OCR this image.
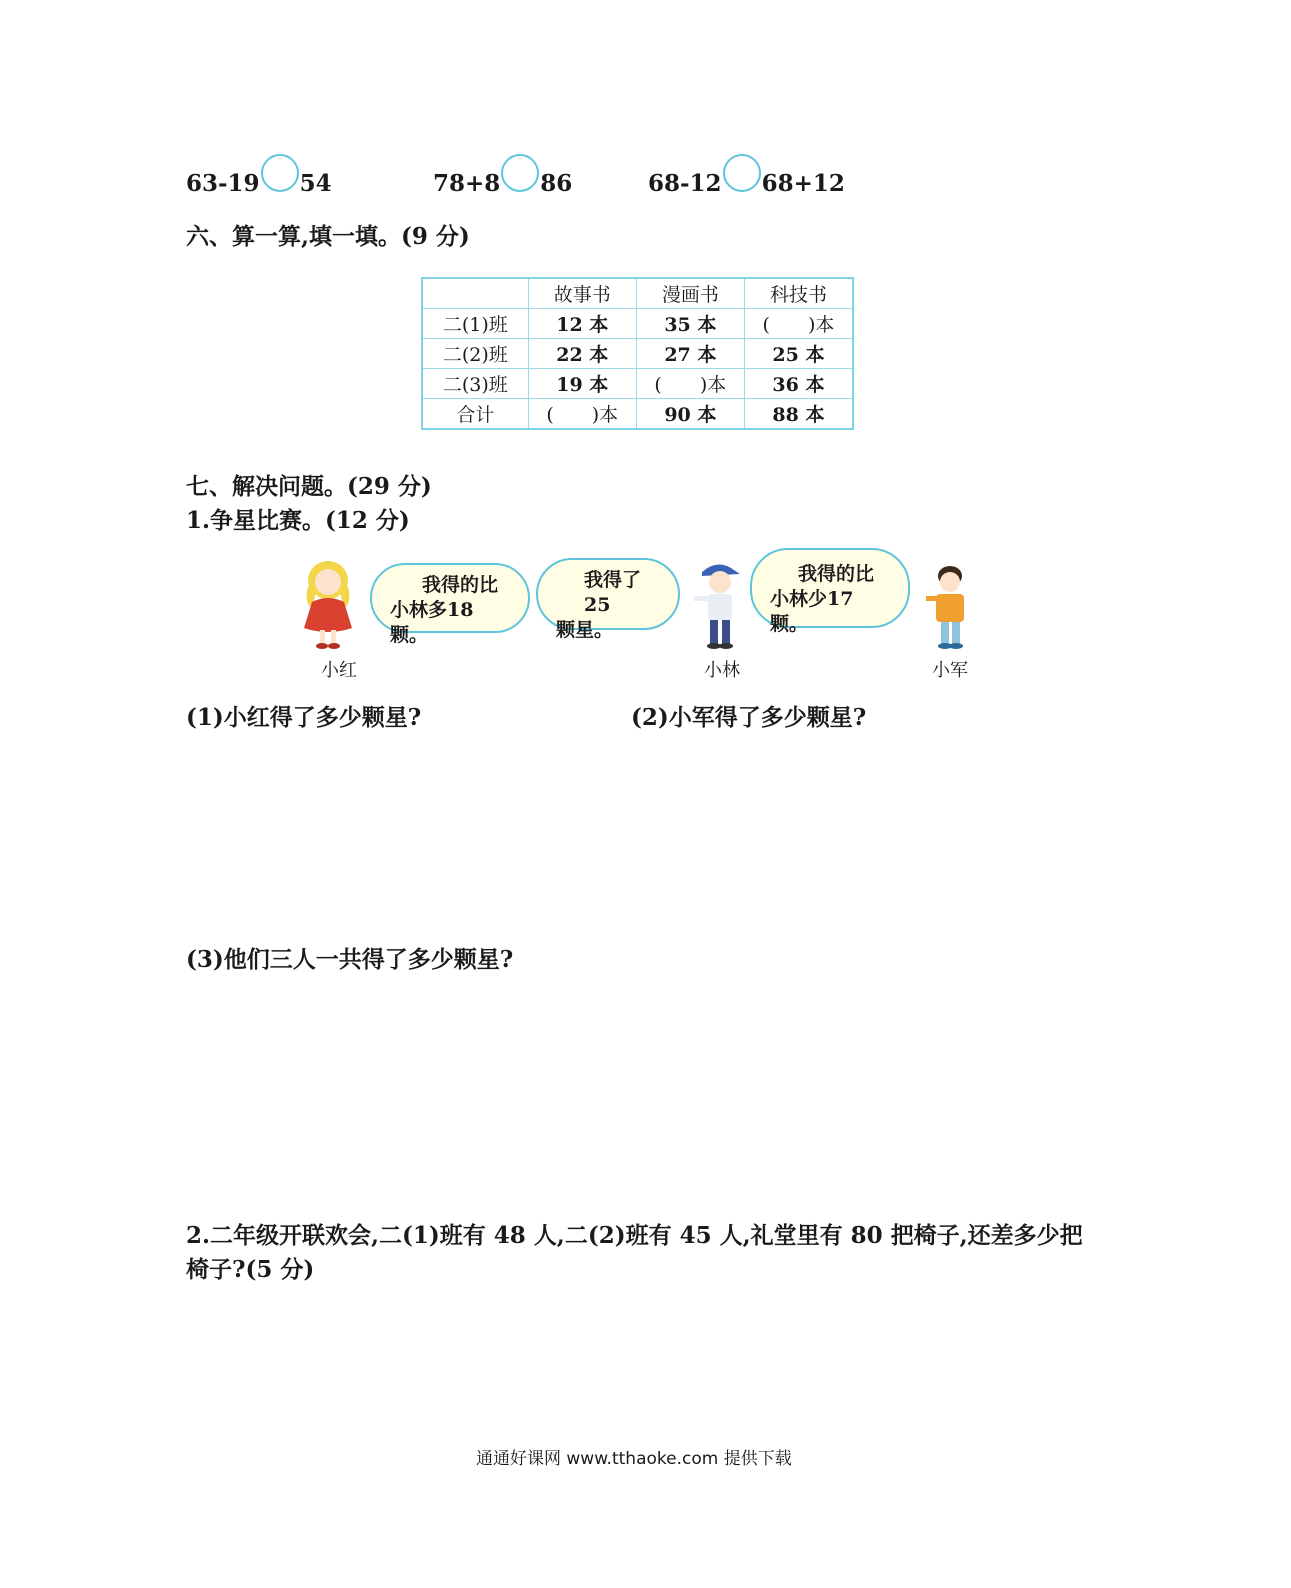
63-19 54	78+8 86	68-12 68+12
六、算一算,填一填。(9 分)
	故事书	漫画书	科技书
二(1)班	12 本	35 本	(　　)本
二(2)班	22 本	27 本	25 本
二(3)班	19 本	(　　)本	36 本
合计	(　　)本	90 本	88 本
七、解决问题。(29 分)
1.争星比赛。(12 分)
我得的比
小林多18颗。
我得了25
颗星。
我得的比
小林少17颗。
小红	小林	小军
(1)小红得了多少颗星?	(2)小军得了多少颗星?
(3)他们三人一共得了多少颗星?
2.二年级开联欢会,二(1)班有 48 人,二(2)班有 45 人,礼堂里有 80 把椅子,还差多少把
椅子?(5 分)
通通好课网 www.tthaoke.com 提供下载
